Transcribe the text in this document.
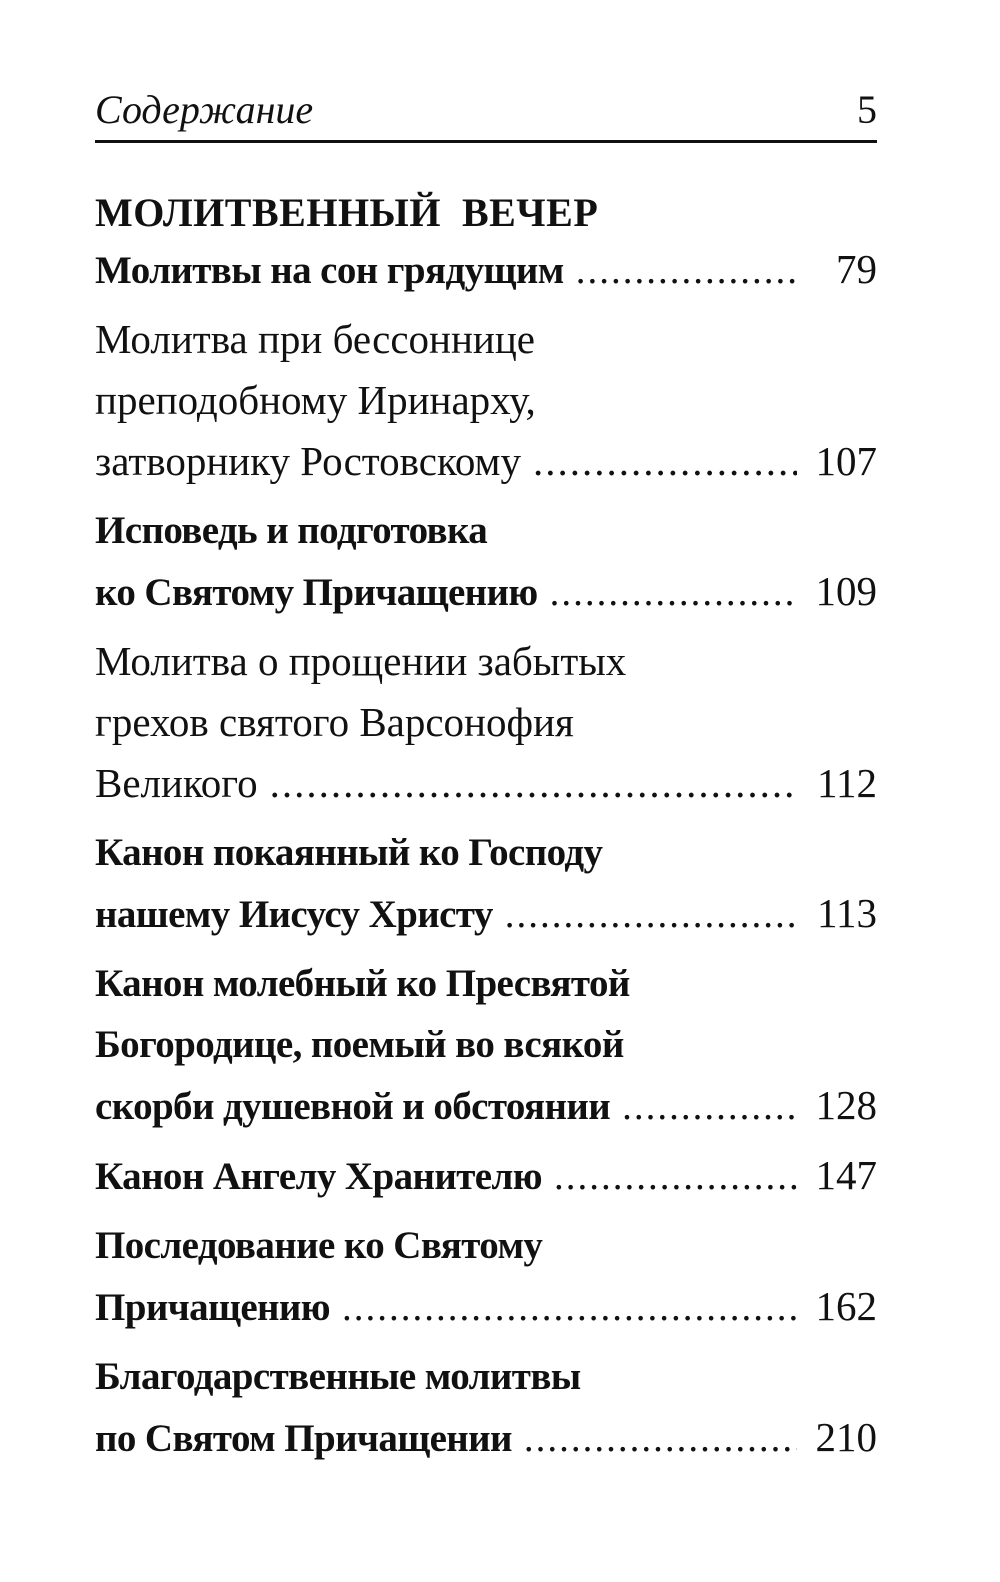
Содержание	5
МОЛИТВЕННЫЙ  ВЕЧЕР
Молитвы на сон грядущим .....	79
Молитва при бессоннице
преподобному Иринарху,
затворнику Ростовскому .....	107
Исповедь и подготовка
ко Святому Причащению .....	109
Молитва о прощении забытых
грехов святого Варсонофия
Великого .....	112
Канон покаянный ко Господу
нашему Иисусу Христу .....	113
Канон молебный ко Пресвятой
Богородице, поемый во всякой
скорби душевной и обстоянии .....	128
Канон Ангелу Хранителю .....	147
Последование ко Святому
Причащению .....	162
Благодарственные молитвы
по Святом Причащении .....	210
